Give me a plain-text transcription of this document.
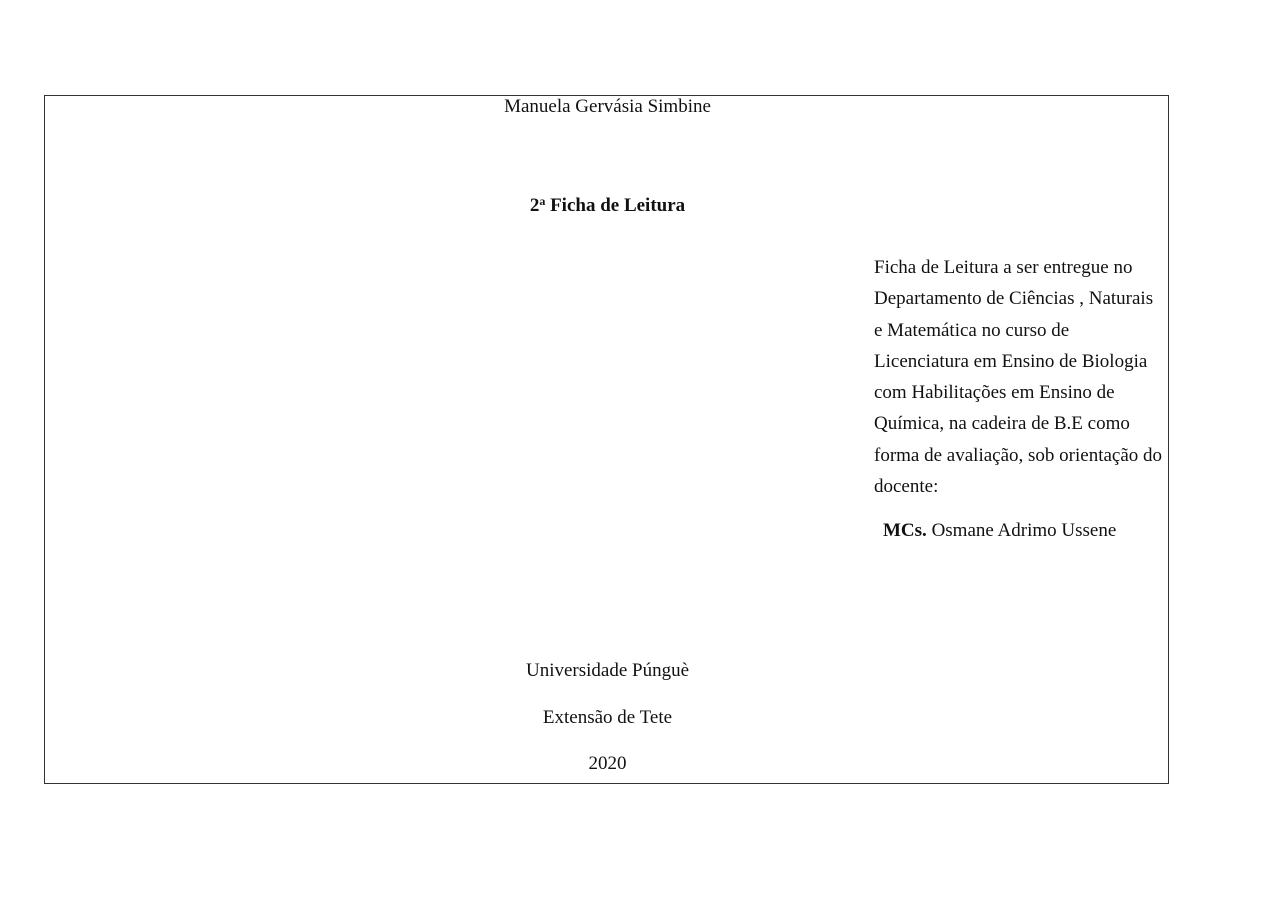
Manuela Gervásia Simbine
2$^a$ Ficha de Leitura
Ficha de Leitura a ser entregue no Departamento de Ciências , Naturais e Matemática no curso de Licenciatura em Ensino de Biologia com Habilitações em Ensino de Química, na cadeira de B.E como forma de avaliação, sob orientação do docente:
MCs. Osmane Adrimo Ussene
Universidade Púnguè
Extensão de Tete
2020
